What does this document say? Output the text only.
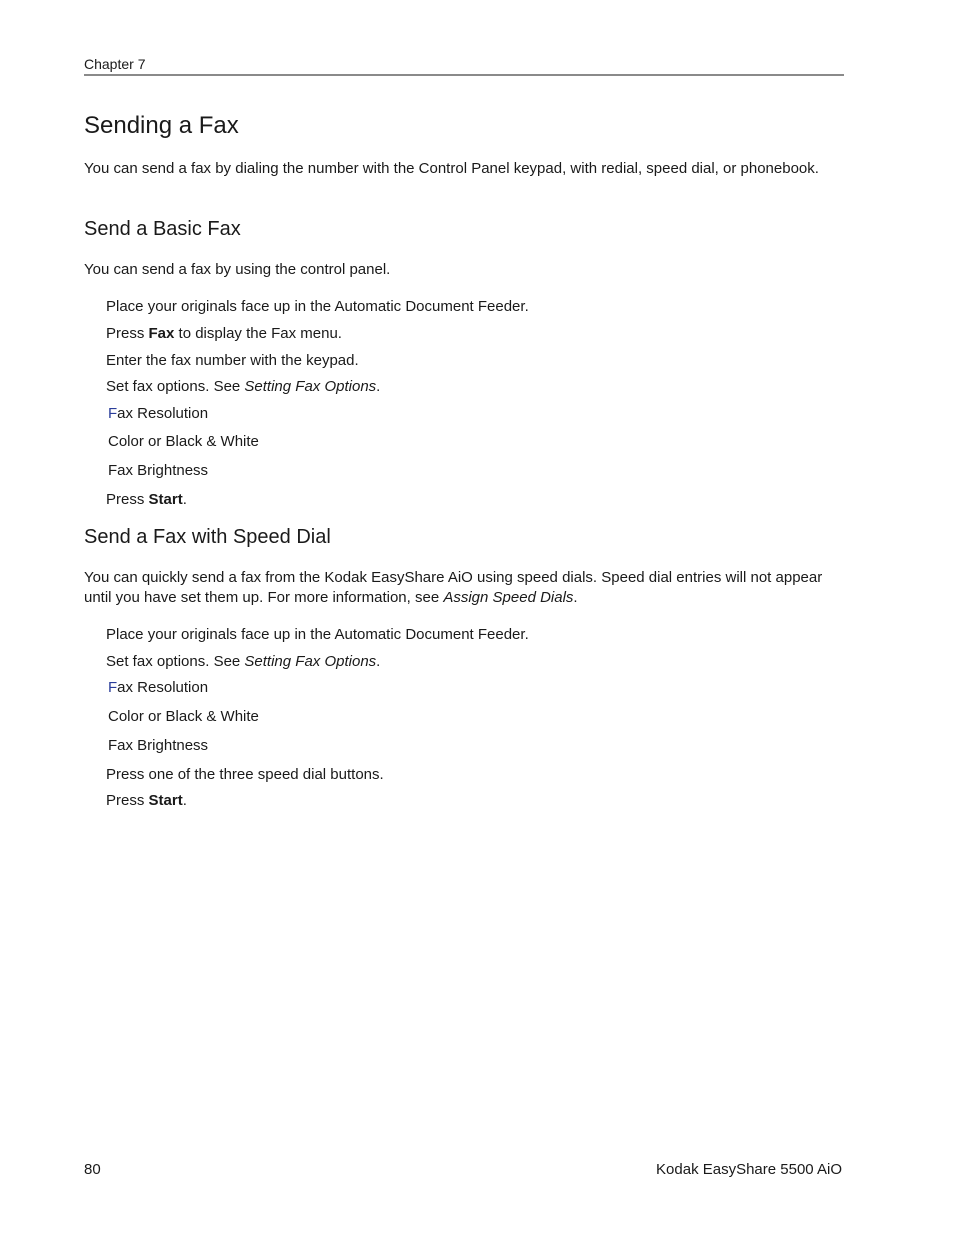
Chapter 7
Sending a Fax

You can send a fax by dialing the number with the Control Panel keypad, with redial, speed dial, or phonebook.

Send a Basic Fax
You can send a fax by using the control panel.
Place your originals face up in the Automatic Document Feeder.
Press Fax to display the Fax menu.
Enter the fax number with the keypad.
Set fax options. See Setting Fax Options.
Fax Resolution
Color or Black & White
Fax Brightness
Press Start.
Send a Fax with Speed Dial

You can quickly send a fax from the Kodak EasyShare AiO using speed dials. Speed dial entries will not appear until you have set them up. For more information, see Assign Speed Dials.

Place your originals face up in the Automatic Document Feeder.
Set fax options. See Setting Fax Options.
Fax Resolution
Color or Black & White
Fax Brightness
Press one of the three speed dial buttons.
Press Start.
80	Kodak EasyShare 5500 AiO
